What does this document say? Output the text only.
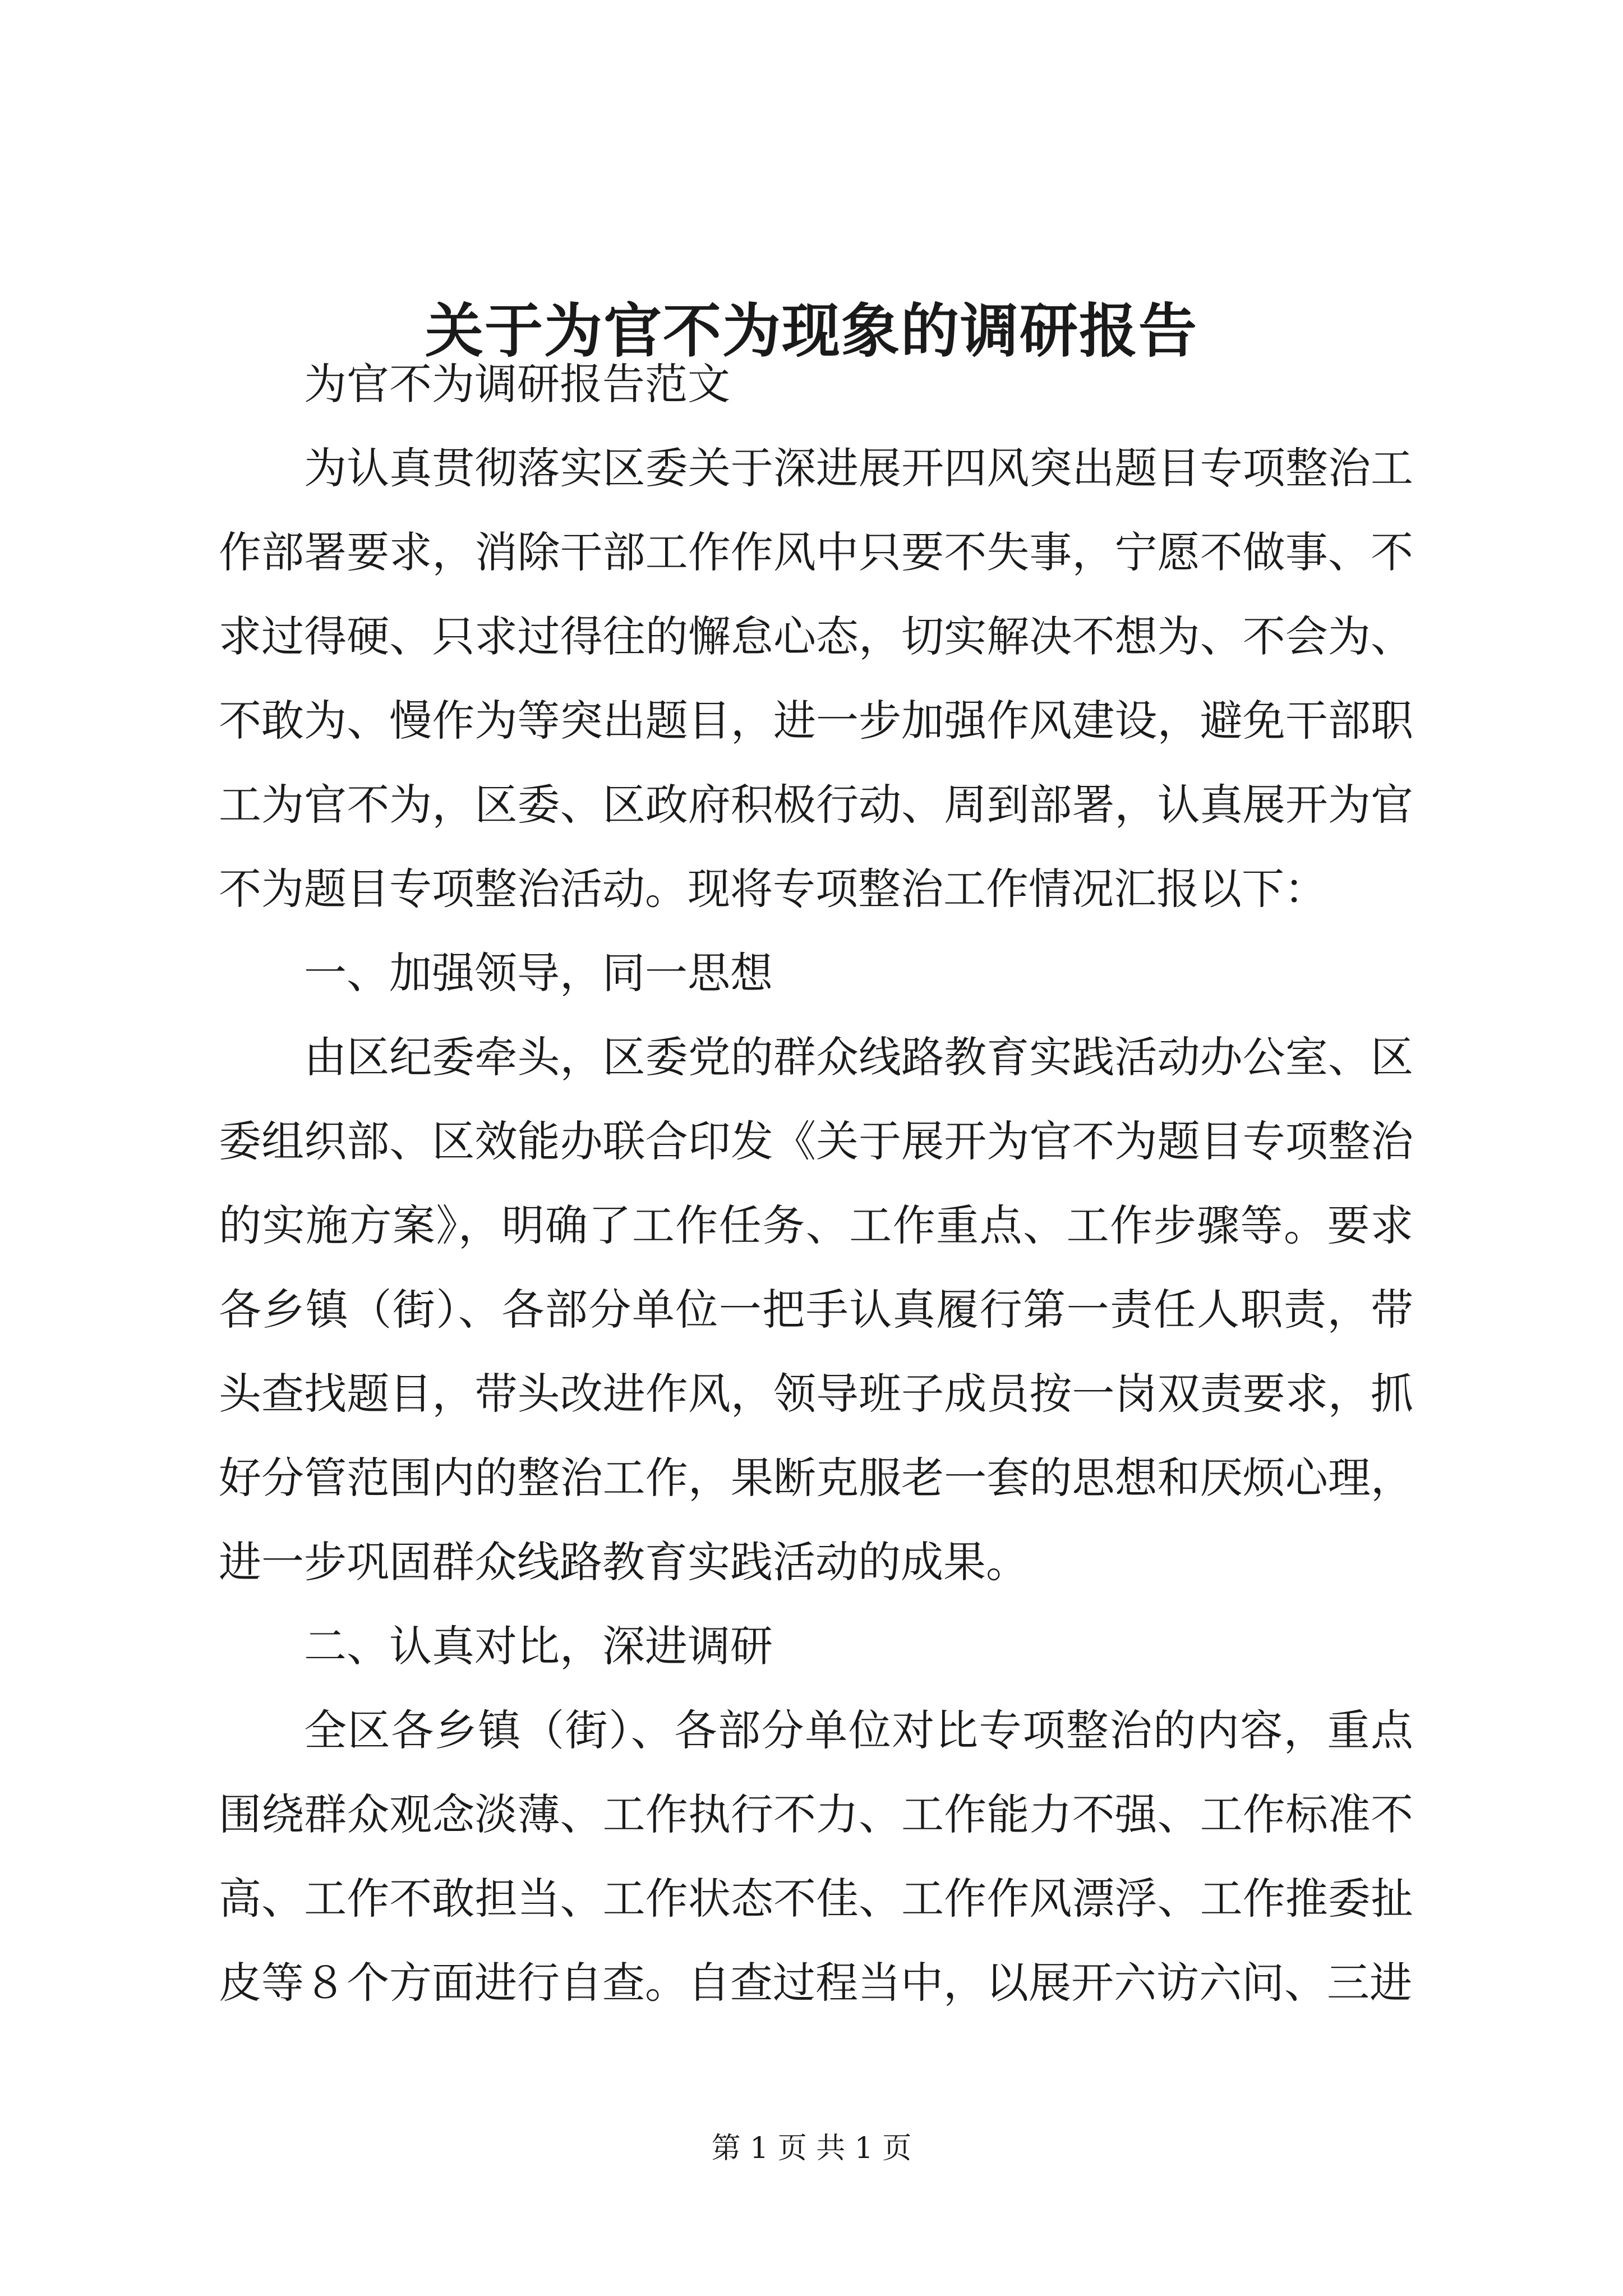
关于为官不为现象的调研报告

为官不为调研报告范文

为认真贯彻落实区委关于深进展开四风突出题目专项整治工作部署要求，消除干部工作作风中只要不失事，宁愿不做事、不求过得硬、只求过得往的懈怠心态，切实解决不想为、不会为、不敢为、慢作为等突出题目，进一步加强作风建设，避免干部职工为官不为，区委、区政府积极行动、周到部署，认真展开为官不为题目专项整治活动。现将专项整治工作情况汇报以下：

一、加强领导，同一思想

由区纪委牵头，区委党的群众线路教育实践活动办公室、区委组织部、区效能办联合印发《关于展开为官不为题目专项整治的实施方案》，明确了工作任务、工作重点、工作步骤等。要求各乡镇（街）、各部分单位一把手认真履行第一责任人职责，带头查找题目，带头改进作风，领导班子成员按一岗双责要求，抓好分管范围内的整治工作，果断克服老一套的思想和厌烦心理，进一步巩固群众线路教育实践活动的成果。

二、认真对比，深进调研

全区各乡镇（街）、各部分单位对比专项整治的内容，重点围绕群众观念淡薄、工作执行不力、工作能力不强、工作标准不高、工作不敢担当、工作状态不佳、工作作风漂浮、工作推委扯皮等８个方面进行自查。自查过程当中，以展开六访六问、三进

第 1 页 共 1 页
